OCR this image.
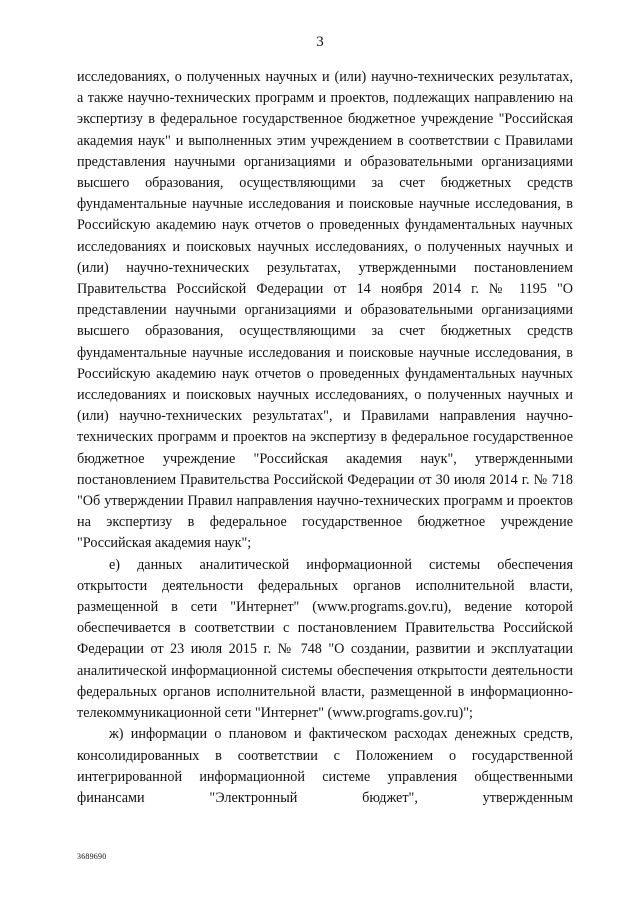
3

исследованиях, о полученных научных и (или) научно-технических результатах, а также научно-технических программ и проектов, подлежащих направлению на экспертизу в федеральное государственное бюджетное учреждение "Российская академия наук" и выполненных этим учреждением в соответствии с Правилами представления научными организациями и образовательными организациями высшего образования, осуществляющими за счет бюджетных средств фундаментальные научные исследования и поисковые научные исследования, в Российскую академию наук отчетов о проведенных фундаментальных научных исследованиях и поисковых научных исследованиях, о полученных научных и (или) научно-технических результатах, утвержденными постановлением Правительства Российской Федерации от 14 ноября 2014 г. № 1195 "О представлении научными организациями и образовательными организациями высшего образования, осуществляющими за счет бюджетных средств фундаментальные научные исследования и поисковые научные исследования, в Российскую академию наук отчетов о проведенных фундаментальных научных исследованиях и поисковых научных исследованиях, о полученных научных и (или) научно-технических результатах", и Правилами направления научно-технических программ и проектов на экспертизу в федеральное государственное бюджетное учреждение "Российская академия наук", утвержденными постановлением Правительства Российской Федерации от 30 июля 2014 г. № 718 "Об утверждении Правил направления научно-технических программ и проектов на экспертизу в федеральное государственное бюджетное учреждение "Российская академия наук";

е) данных аналитической информационной системы обеспечения открытости деятельности федеральных органов исполнительной власти, размещенной в сети "Интернет" (www.programs.gov.ru), ведение которой обеспечивается в соответствии с постановлением Правительства Российской Федерации от 23 июля 2015 г. № 748 "О создании, развитии и эксплуатации аналитической информационной системы обеспечения открытости деятельности федеральных органов исполнительной власти, размещенной в информационно-телекоммуникационной сети "Интернет" (www.programs.gov.ru)";

ж) информации о плановом и фактическом расходах денежных средств, консолидированных в соответствии с Положением о государственной интегрированной информационной системе управления общественными финансами "Электронный бюджет", утвержденным

3689690
